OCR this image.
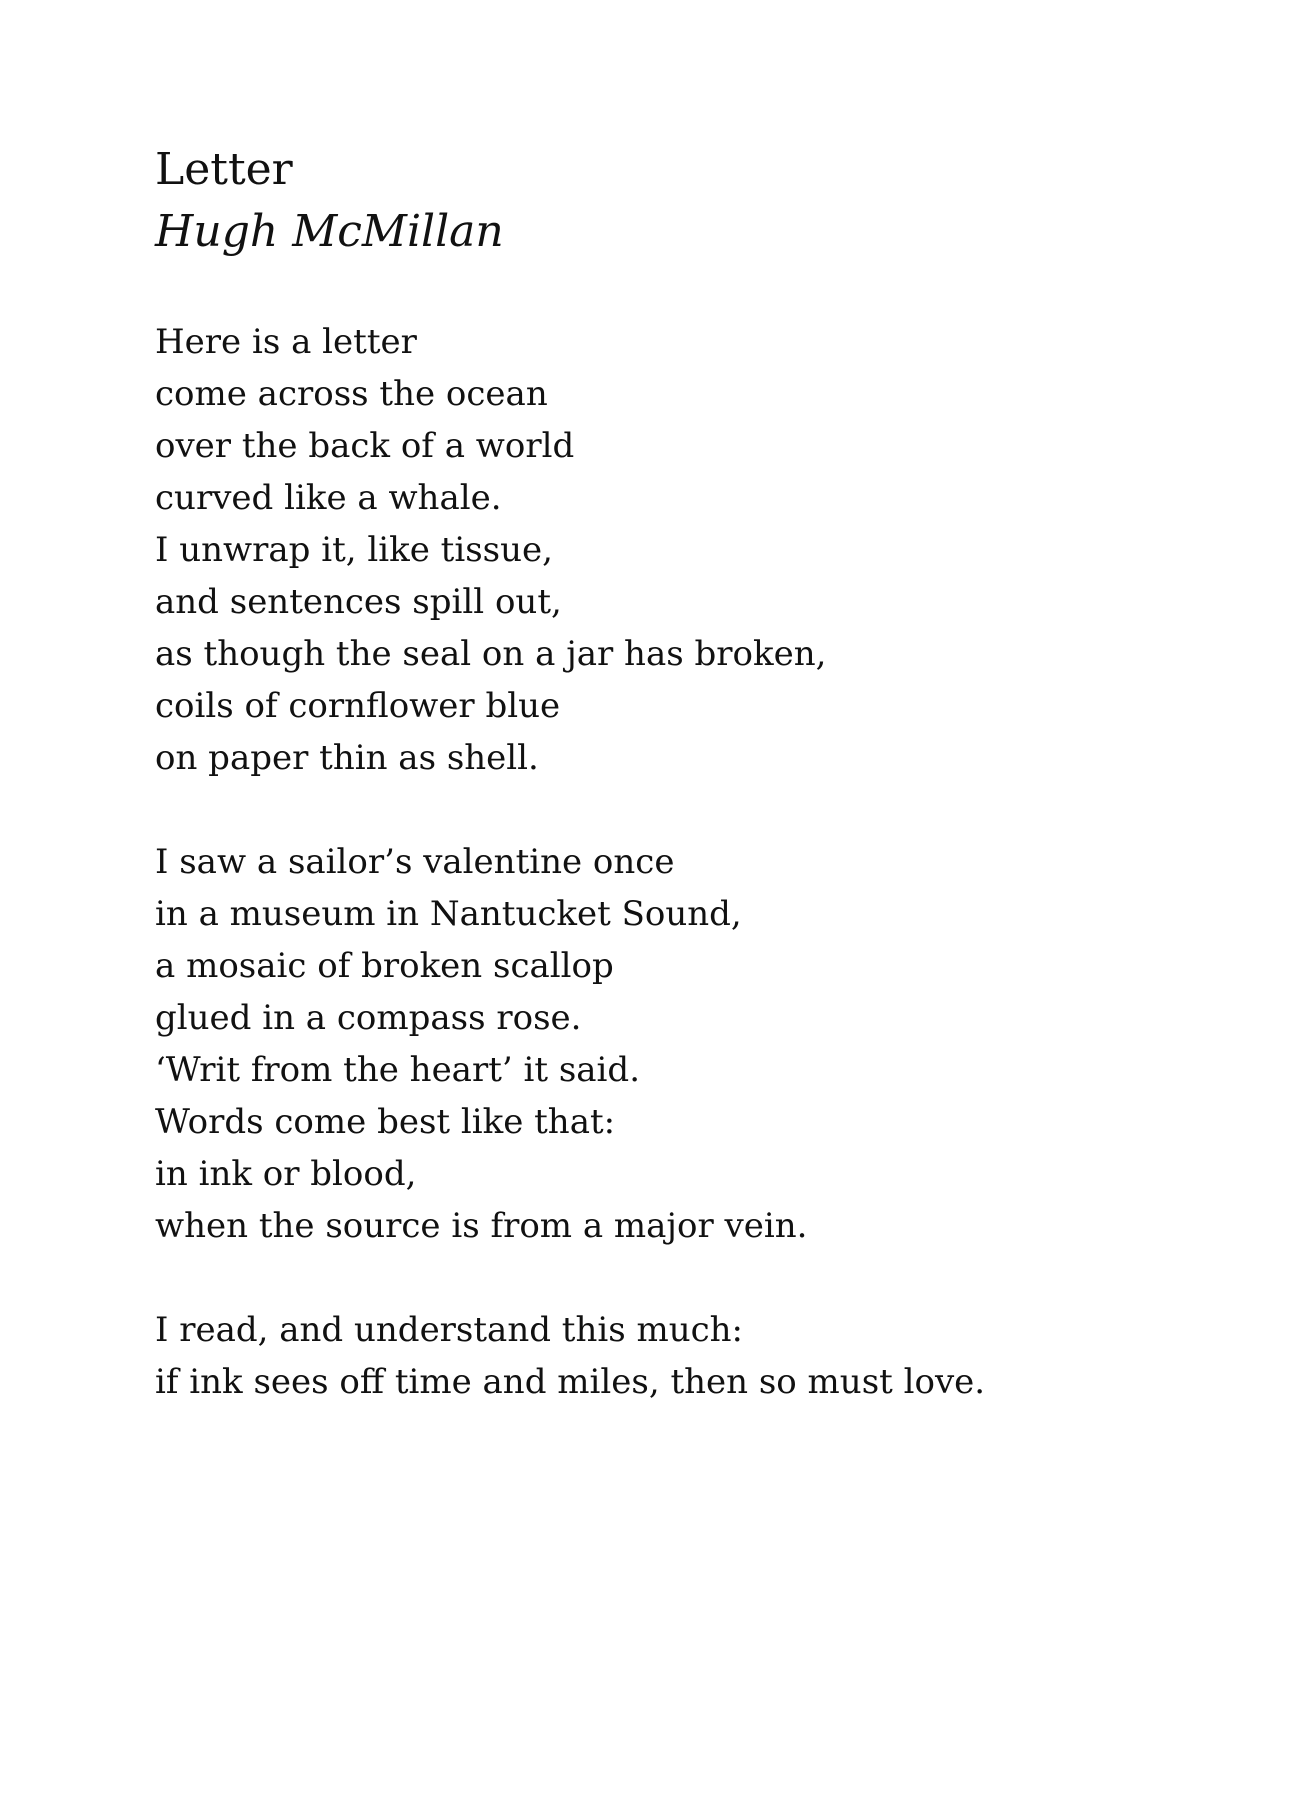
Letter
Hugh McMillan
Here is a letter
come across the ocean
over the back of a world
curved like a whale.
I unwrap it, like tissue,
and sentences spill out,
as though the seal on a jar has broken,
coils of cornflower blue
on paper thin as shell.
I saw a sailor’s valentine once
in a museum in Nantucket Sound,
a mosaic of broken scallop
glued in a compass rose.
‘Writ from the heart’ it said.
Words come best like that:
in ink or blood,
when the source is from a major vein.
I read, and understand this much:
if ink sees off time and miles, then so must love.
